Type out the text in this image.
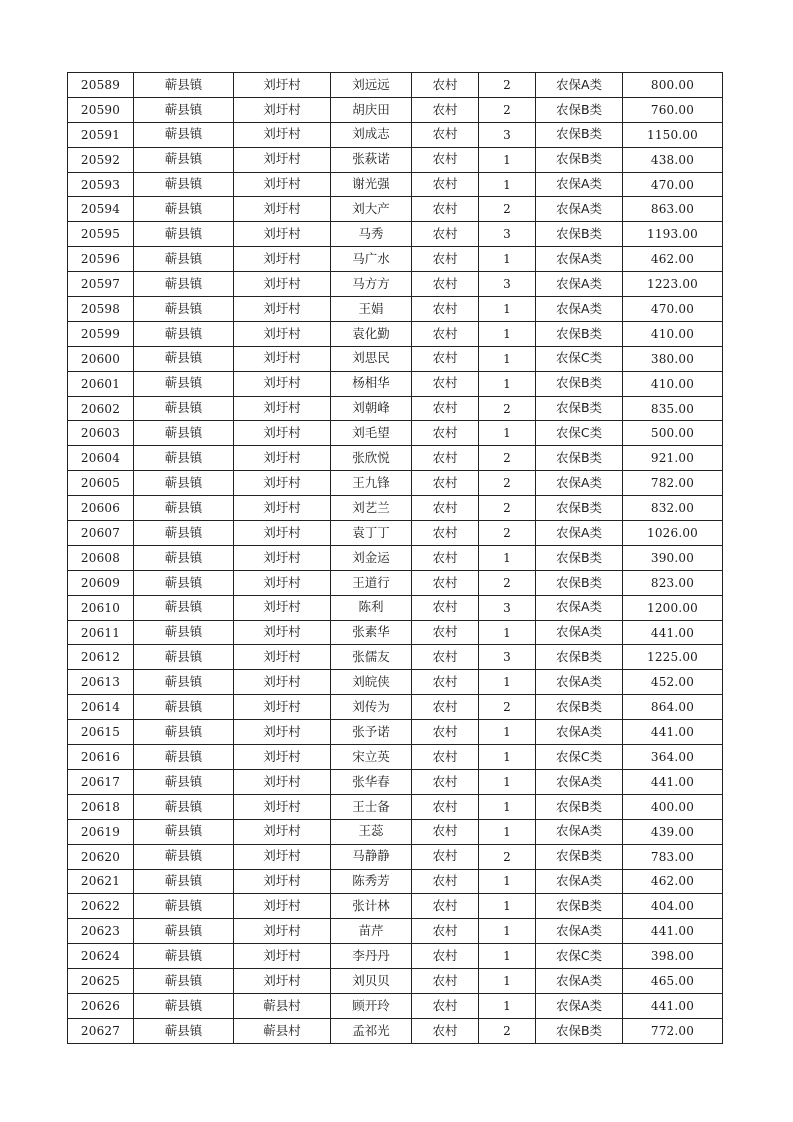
20589	蕲县镇	刘圩村	刘远远	农村	2	农保A类	800.00
20590	蕲县镇	刘圩村	胡庆田	农村	2	农保B类	760.00
20591	蕲县镇	刘圩村	刘成志	农村	3	农保B类	1150.00
20592	蕲县镇	刘圩村	张萩诺	农村	1	农保B类	438.00
20593	蕲县镇	刘圩村	谢光强	农村	1	农保A类	470.00
20594	蕲县镇	刘圩村	刘大产	农村	2	农保A类	863.00
20595	蕲县镇	刘圩村	马秀	农村	3	农保B类	1193.00
20596	蕲县镇	刘圩村	马广水	农村	1	农保A类	462.00
20597	蕲县镇	刘圩村	马方方	农村	3	农保A类	1223.00
20598	蕲县镇	刘圩村	王娟	农村	1	农保A类	470.00
20599	蕲县镇	刘圩村	袁化勤	农村	1	农保B类	410.00
20600	蕲县镇	刘圩村	刘思民	农村	1	农保C类	380.00
20601	蕲县镇	刘圩村	杨相华	农村	1	农保B类	410.00
20602	蕲县镇	刘圩村	刘朝峰	农村	2	农保B类	835.00
20603	蕲县镇	刘圩村	刘毛望	农村	1	农保C类	500.00
20604	蕲县镇	刘圩村	张欣悦	农村	2	农保B类	921.00
20605	蕲县镇	刘圩村	王九锋	农村	2	农保A类	782.00
20606	蕲县镇	刘圩村	刘艺兰	农村	2	农保B类	832.00
20607	蕲县镇	刘圩村	袁丁丁	农村	2	农保A类	1026.00
20608	蕲县镇	刘圩村	刘金运	农村	1	农保B类	390.00
20609	蕲县镇	刘圩村	王道行	农村	2	农保B类	823.00
20610	蕲县镇	刘圩村	陈利	农村	3	农保A类	1200.00
20611	蕲县镇	刘圩村	张素华	农村	1	农保A类	441.00
20612	蕲县镇	刘圩村	张儒友	农村	3	农保B类	1225.00
20613	蕲县镇	刘圩村	刘皖侠	农村	1	农保A类	452.00
20614	蕲县镇	刘圩村	刘传为	农村	2	农保B类	864.00
20615	蕲县镇	刘圩村	张予诺	农村	1	农保A类	441.00
20616	蕲县镇	刘圩村	宋立英	农村	1	农保C类	364.00
20617	蕲县镇	刘圩村	张华春	农村	1	农保A类	441.00
20618	蕲县镇	刘圩村	王士备	农村	1	农保B类	400.00
20619	蕲县镇	刘圩村	王蕊	农村	1	农保A类	439.00
20620	蕲县镇	刘圩村	马静静	农村	2	农保B类	783.00
20621	蕲县镇	刘圩村	陈秀芳	农村	1	农保A类	462.00
20622	蕲县镇	刘圩村	张计林	农村	1	农保B类	404.00
20623	蕲县镇	刘圩村	苗芹	农村	1	农保A类	441.00
20624	蕲县镇	刘圩村	李丹丹	农村	1	农保C类	398.00
20625	蕲县镇	刘圩村	刘贝贝	农村	1	农保A类	465.00
20626	蕲县镇	蕲县村	顾开玲	农村	1	农保A类	441.00
20627	蕲县镇	蕲县村	孟祁光	农村	2	农保B类	772.00
